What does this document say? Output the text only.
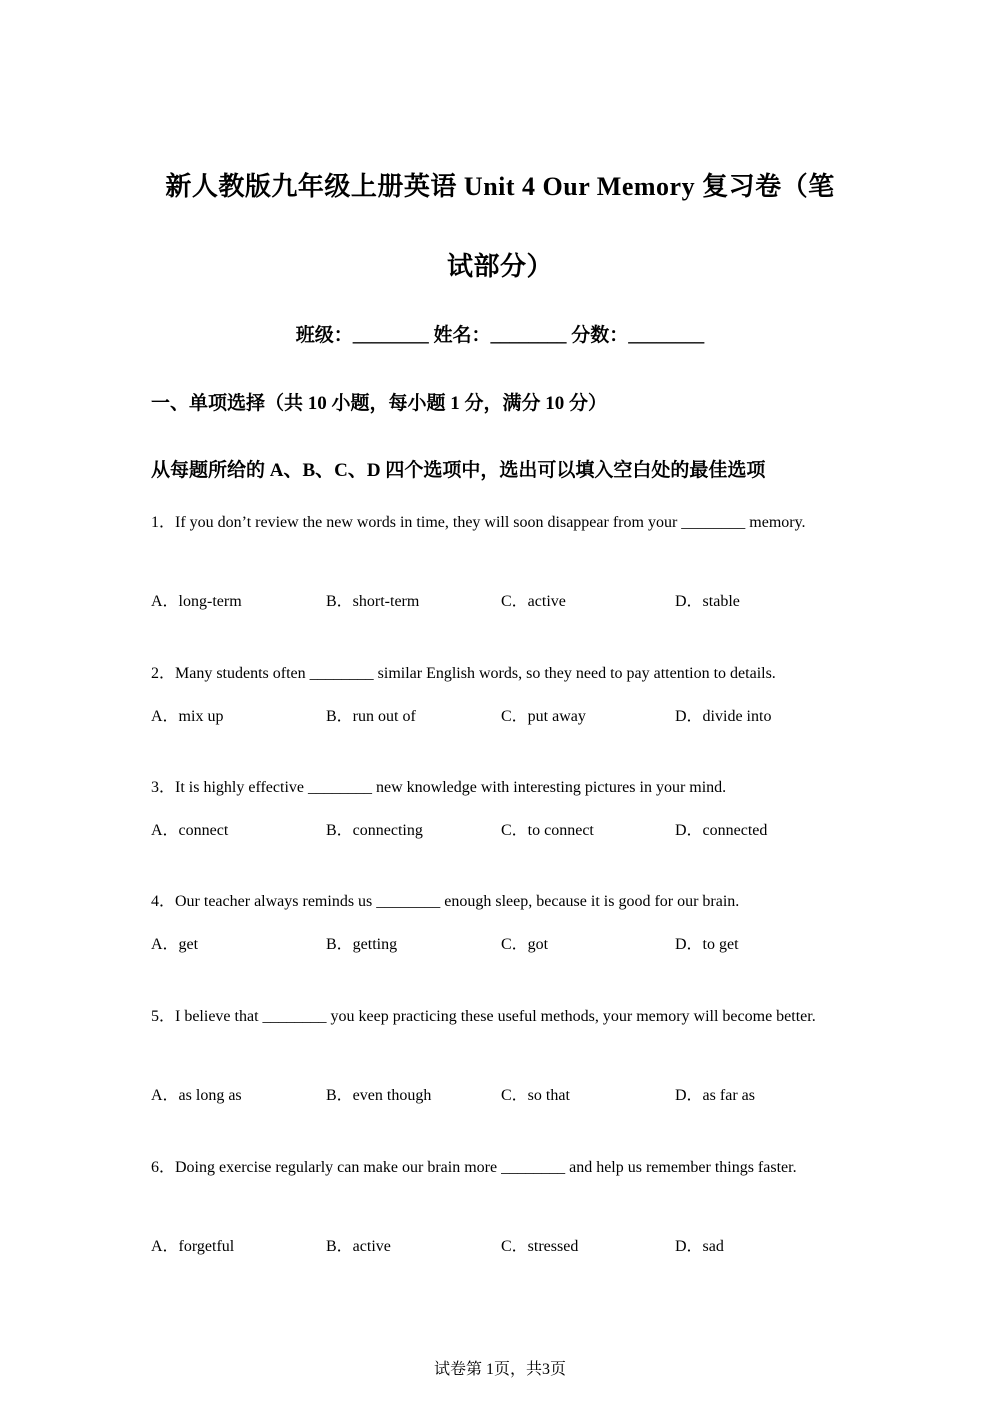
新人教版九年级上册英语 Unit 4 Our Memory 复习卷（笔
试部分）
班级：________ 姓名：________ 分数：________
一、单项选择（共 10 小题，每小题 1 分，满分 10 分）
从每题所给的 A、B、C、D 四个选项中，选出可以填入空白处的最佳选项
1．If you don’t review the new words in time, they will soon disappear from your ________ memory.
A．long-term	B．short-term	C．active	D．stable
2．Many students often ________ similar English words, so they need to pay attention to details.
A．mix up	B．run out of	C．put away	D．divide into
3．It is highly effective ________ new knowledge with interesting pictures in your mind.
A．connect	B．connecting	C．to connect	D．connected
4．Our teacher always reminds us ________ enough sleep, because it is good for our brain.
A．get	B．getting	C．got	D．to get
5．I believe that ________ you keep practicing these useful methods, your memory will become better.
A．as long as	B．even though	C．so that	D．as far as
6．Doing exercise regularly can make our brain more ________ and help us remember things faster.
A．forgetful	B．active	C．stressed	D．sad
试卷第 1页，共3页
